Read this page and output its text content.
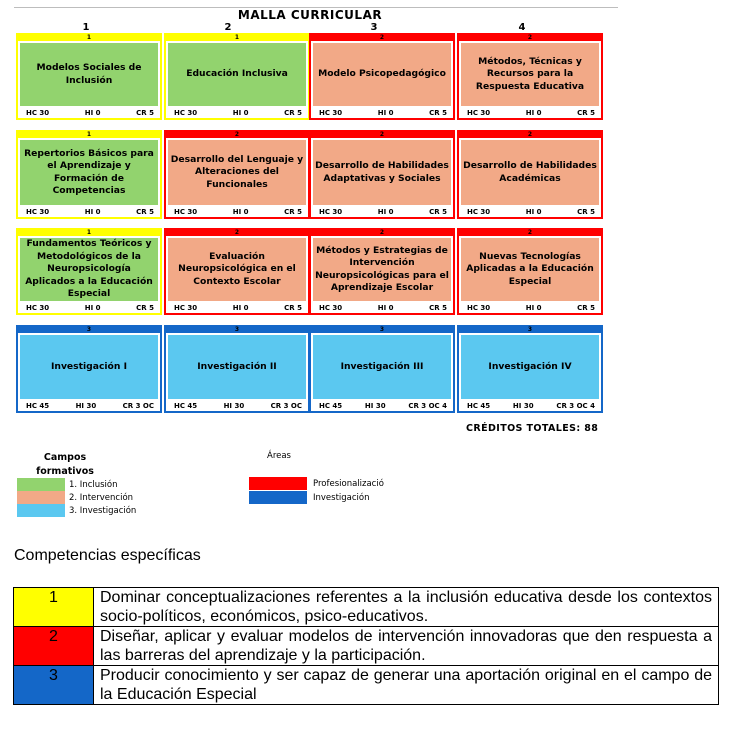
MALLA CURRICULAR
1	2	3	4
1
Modelos Sociales de Inclusión
HC 30	HI 0	CR 5
1
Educación Inclusiva
HC 30	HI 0	CR 5
2
Modelo Psicopedagógico
HC 30	HI 0	CR 5
2
Métodos, Técnicas y Recursos para la Respuesta Educativa
HC 30	HI 0	CR 5
1
Repertorios Básicos para el Aprendizaje y Formación de Competencias
HC 30	HI 0	CR 5
2
Desarrollo del Lenguaje y Alteraciones del Funcionales
HC 30	HI 0	CR 5
2
Desarrollo de Habilidades Adaptativas y Sociales
HC 30	HI 0	CR 5
2
Desarrollo de Habilidades Académicas
HC 30	HI 0	CR 5
1
Fundamentos Teóricos y Metodológicos de la Neuropsicología Aplicados a la Educación Especial
HC 30	HI 0	CR 5
2
Evaluación Neuropsicológica en el Contexto Escolar
HC 30	HI 0	CR 5
2
Métodos y Estrategias de Intervención Neuropsicológicas para el Aprendizaje Escolar
HC 30	HI 0	CR 5
2
Nuevas Tecnologías Aplicadas a la Educación Especial
HC 30	HI 0	CR 5
3
Investigación I
HC 45	HI 30	CR 3 OC
3
Investigación II
HC 45	HI 30	CR 3 OC
3
Investigación III
HC 45	HI 30	CR 3 OC 4
3
Investigación IV
HC 45	HI 30	CR 3 OC 4
CRÉDITOS TOTALES: 88
Campos formativos
1. Inclusión
2. Intervención
3. Investigación
Áreas
Profesionalizació
Investigación
Competencias específicas
1	Dominar conceptualizaciones referentes a la inclusión educativa desde los contextos socio-políticos, económicos, psico-educativos.
2	Diseñar, aplicar y evaluar modelos de intervención innovadoras que den respuesta a las barreras del aprendizaje y la participación.
3	Producir conocimiento y ser capaz de generar una aportación original en el campo de la Educación Especial
